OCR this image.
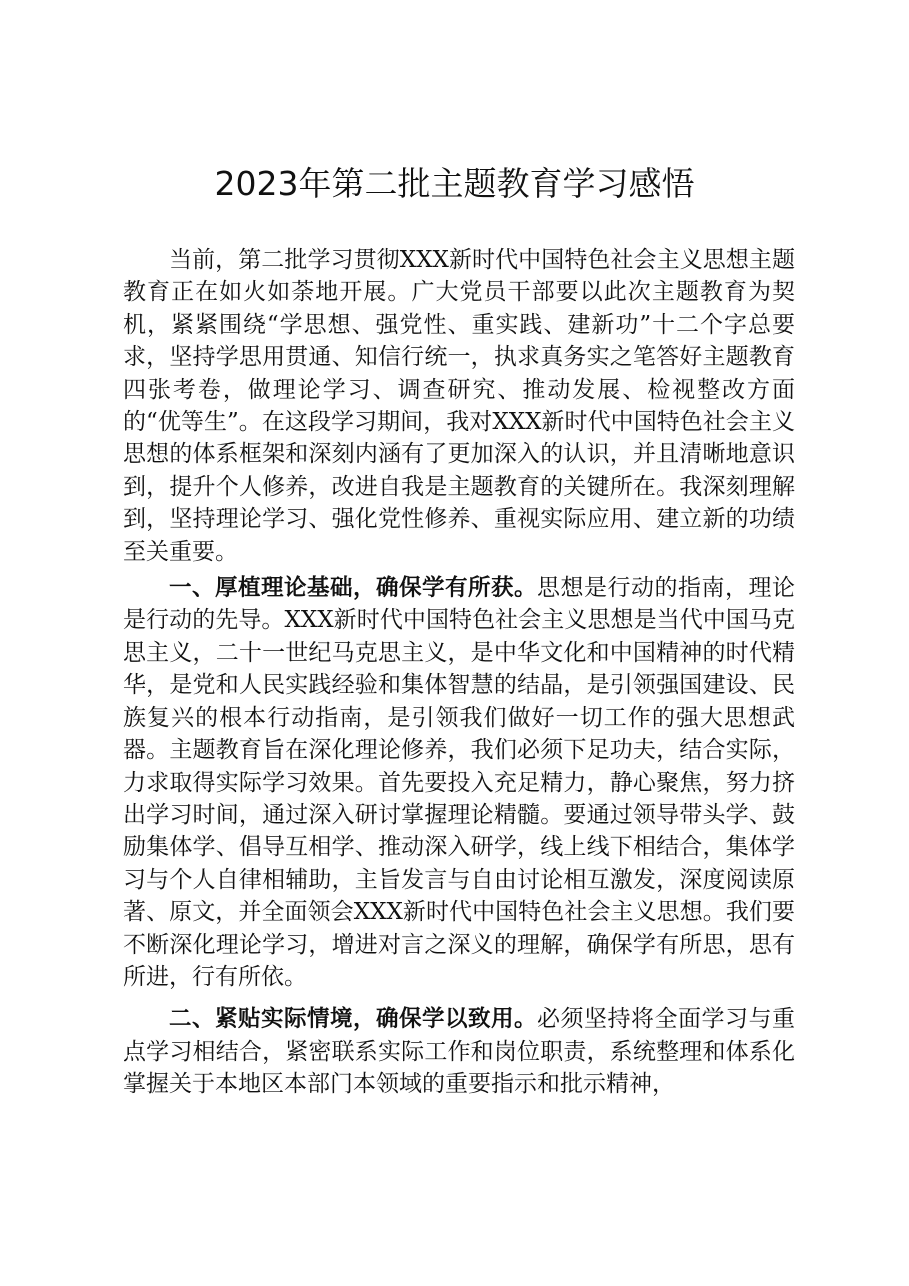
2023年第二批主题教育学习感悟

当前，第二批学习贯彻XXX新时代中国特色社会主义思想主题教育正在如火如荼地开展。广大党员干部要以此次主题教育为契机，紧紧围绕“学思想、强党性、重实践、建新功”十二个字总要求，坚持学思用贯通、知信行统一，执求真务实之笔答好主题教育四张考卷，做理论学习、调查研究、推动发展、检视整改方面的“优等生”。在这段学习期间，我对XXX新时代中国特色社会主义思想的体系框架和深刻内涵有了更加深入的认识，并且清晰地意识到，提升个人修养，改进自我是主题教育的关键所在。我深刻理解到，坚持理论学习、强化党性修养、重视实际应用、建立新的功绩至关重要。

一、厚植理论基础，确保学有所获。思想是行动的指南，理论是行动的先导。XXX新时代中国特色社会主义思想是当代中国马克思主义，二十一世纪马克思主义，是中华文化和中国精神的时代精华，是党和人民实践经验和集体智慧的结晶，是引领强国建设、民族复兴的根本行动指南，是引领我们做好一切工作的强大思想武器。主题教育旨在深化理论修养，我们必须下足功夫，结合实际，力求取得实际学习效果。首先要投入充足精力，静心聚焦，努力挤出学习时间，通过深入研讨掌握理论精髓。要通过领导带头学、鼓励集体学、倡导互相学、推动深入研学，线上线下相结合，集体学习与个人自律相辅助，主旨发言与自由讨论相互激发，深度阅读原著、原文，并全面领会XXX新时代中国特色社会主义思想。我们要不断深化理论学习，增进对言之深义的理解，确保学有所思，思有所进，行有所依。

二、紧贴实际情境，确保学以致用。必须坚持将全面学习与重点学习相结合，紧密联系实际工作和岗位职责，系统整理和体系化掌握关于本地区本部门本领域的重要指示和批示精神，
